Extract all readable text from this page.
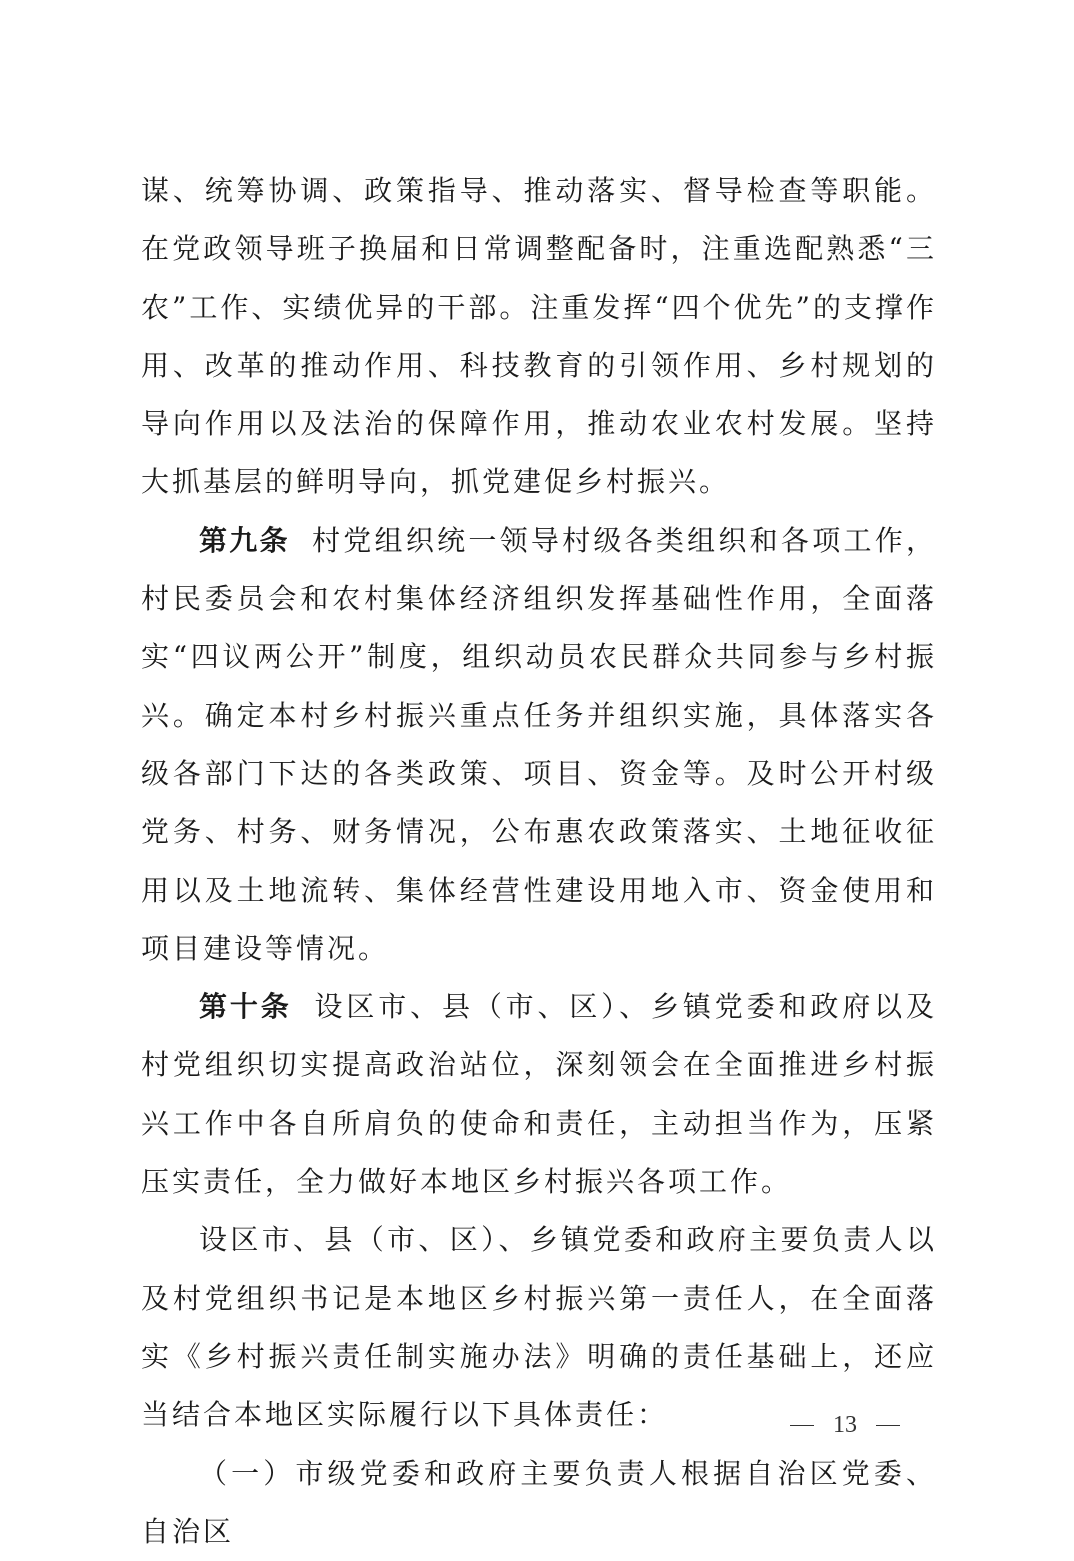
谋、统筹协调、政策指导、推动落实、督导检查等职能。在党政领导班子换届和日常调整配备时，注重选配熟悉“三农”工作、实绩优异的干部。注重发挥“四个优先”的支撑作用、改革的推动作用、科技教育的引领作用、乡村规划的导向作用以及法治的保障作用，推动农业农村发展。坚持大抓基层的鲜明导向，抓党建促乡村振兴。

第九条 村党组织统一领导村级各类组织和各项工作，村民委员会和农村集体经济组织发挥基础性作用，全面落实“四议两公开”制度，组织动员农民群众共同参与乡村振兴。确定本村乡村振兴重点任务并组织实施，具体落实各级各部门下达的各类政策、项目、资金等。及时公开村级党务、村务、财务情况，公布惠农政策落实、土地征收征用以及土地流转、集体经营性建设用地入市、资金使用和项目建设等情况。

第十条 设区市、县（市、区）、乡镇党委和政府以及村党组织切实提高政治站位，深刻领会在全面推进乡村振兴工作中各自所肩负的使命和责任，主动担当作为，压紧压实责任，全力做好本地区乡村振兴各项工作。

设区市、县（市、区）、乡镇党委和政府主要负责人以及村党组织书记是本地区乡村振兴第一责任人，在全面落实《乡村振兴责任制实施办法》明确的责任基础上，还应当结合本地区实际履行以下具体责任：

（一）市级党委和政府主要负责人根据自治区党委、自治区

13
